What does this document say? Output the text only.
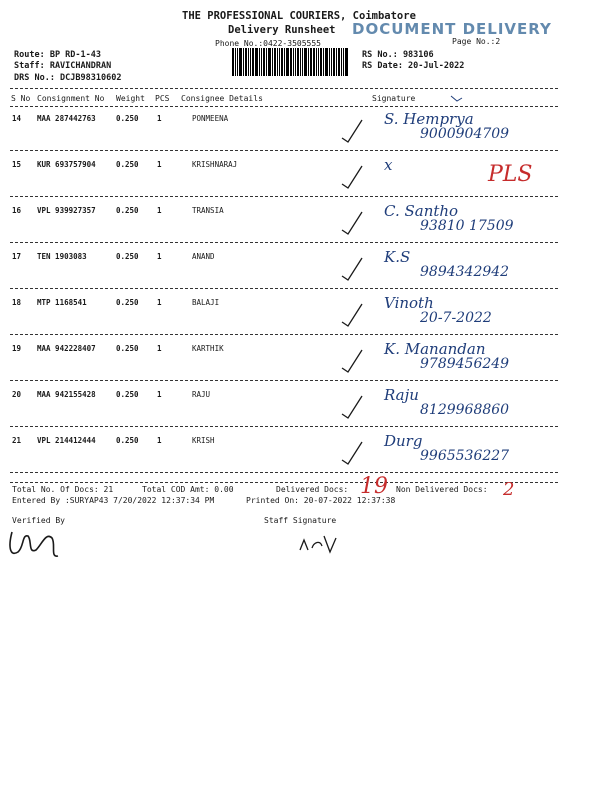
THE PROFESSIONAL COURIERS, Coimbatore
Delivery Runsheet
Phone No.:0422-3505555	Page No.:2
DOCUMENT DELIVERY
Route: BP RD-1-43
Staff: RAVICHANDRAN
DRS No.: DCJB98310602
RS No.: 983106
RS Date: 20-Jul-2022
S No Consignment No Weight PCS Consignee Details	Signature
14 MAA 287442763	0.250 1	PONMEENA	S. Hemprya
9000904709
15 KUR 693757904	0.250 1	KRISHNARAJ	x	PLS
16 VPL 939927357	0.250 1	TRANSIA	C. Santho
93810 17509
17 TEN 1903083	0.250 1	ANAND	K.S
9894342942
18 MTP 1168541	0.250 1	BALAJI	Vinoth
20-7-2022
19 MAA 942228407	0.250 1	KARTHIK	K. Manandan
9789456249
20 MAA 942155428	0.250 1	RAJU	Raju
8129968860
21 VPL 214412444	0.250 1	KRISH	Durg
9965536227
Total No. Of Docs: 21	Total COD Amt: 0.00	Delivered Docs: 19 Non Delivered Docs: 2
Entered By :SURYAP43 7/20/2022 12:37:34 PM	Printed On: 20-07-2022 12:37:38
Verified By	Staff Signature
